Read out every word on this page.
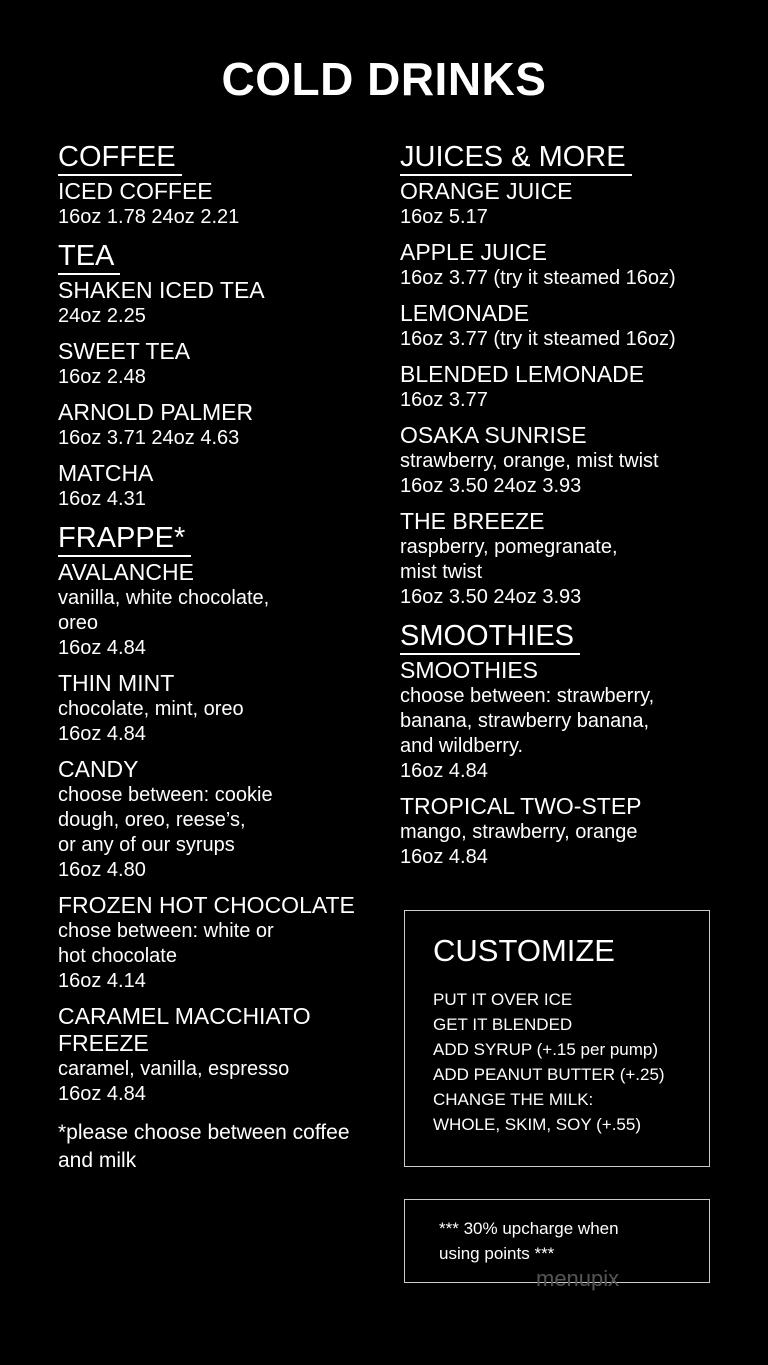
COLD DRINKS
COFFEE
ICED COFFEE
16oz 1.78 24oz 2.21
TEA
SHAKEN ICED TEA
24oz 2.25
SWEET TEA
16oz 2.48
ARNOLD PALMER
16oz 3.71 24oz 4.63
MATCHA
16oz 4.31
FRAPPE*
AVALANCHE
vanilla, white chocolate,
oreo
16oz 4.84
THIN MINT
chocolate, mint, oreo
16oz 4.84
CANDY
choose between: cookie
dough, oreo, reese’s,
or any of our syrups
16oz 4.80
FROZEN HOT CHOCOLATE
chose between: white or
hot chocolate
16oz 4.14
CARAMEL MACCHIATO FREEZE
caramel, vanilla, espresso
16oz 4.84
*please choose between coffee and milk
JUICES & MORE
ORANGE JUICE
16oz 5.17
APPLE JUICE
16oz 3.77 (try it steamed 16oz)
LEMONADE
16oz 3.77 (try it steamed 16oz)
BLENDED LEMONADE
16oz 3.77
OSAKA SUNRISE
strawberry, orange, mist twist
16oz 3.50 24oz 3.93
THE BREEZE
raspberry, pomegranate,
mist twist
16oz 3.50 24oz 3.93
SMOOTHIES
SMOOTHIES
choose between: strawberry,
banana, strawberry banana,
and wildberry.
16oz 4.84
TROPICAL TWO-STEP
mango, strawberry, orange
16oz 4.84
CUSTOMIZE
PUT IT OVER ICE
GET IT BLENDED
ADD SYRUP (+.15 per pump)
ADD PEANUT BUTTER (+.25)
CHANGE THE MILK:
WHOLE, SKIM, SOY (+.55)
*** 30% upcharge when
using points ***
menupix
